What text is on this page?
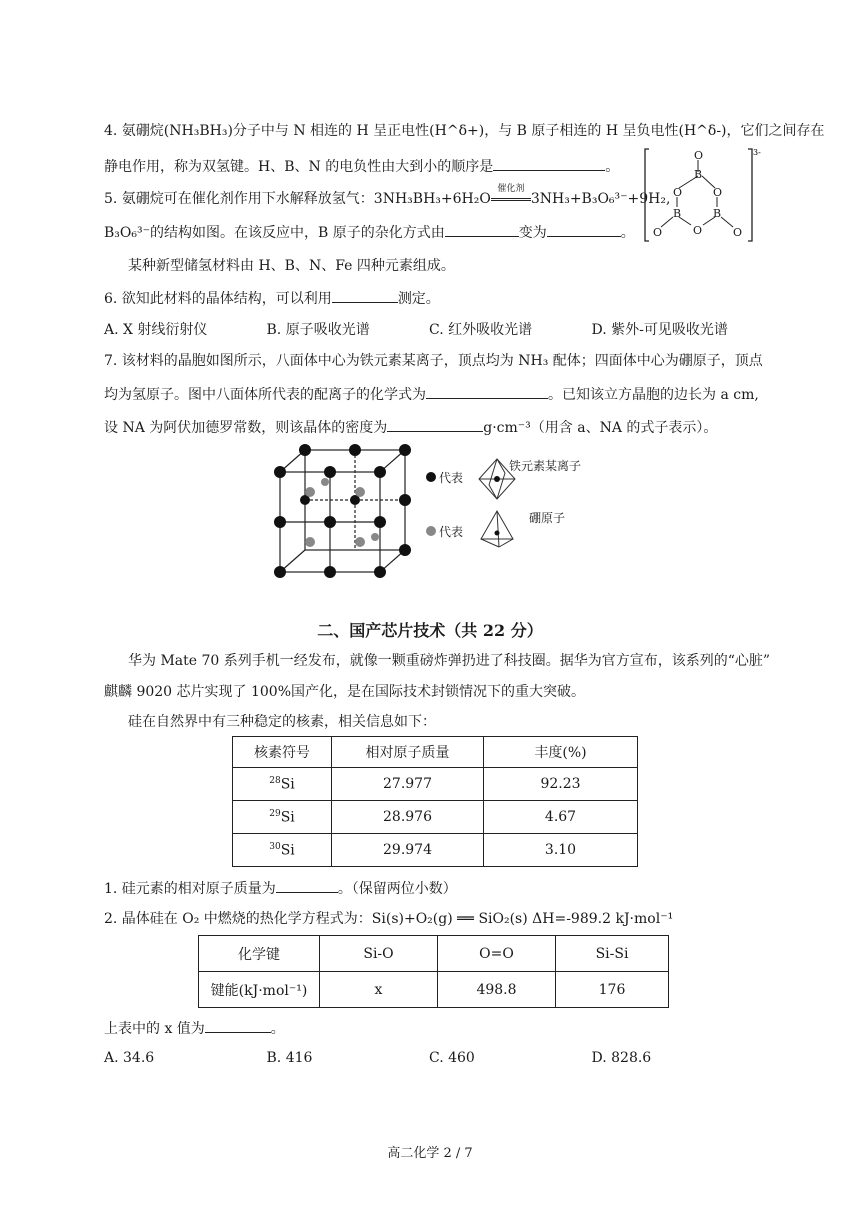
4. 氨硼烷(NH₃BH₃)分子中与 N 相连的 H 呈正电性(H^δ+)，与 B 原子相连的 H 呈负电性(H^δ-)，它们之间存在
静电作用，称为双氢键。H、B、N 的电负性由大到小的顺序是	。
5. 氨硼烷可在催化剂作用下水解释放氢气：3NH₃BH₃+6H₂O
催化剂
3NH₃+B₃O₆³⁻+9H₂,
B₃O₆³⁻的结构如图。在该反应中，B 原子的杂化方式由	变为	。
3-
O
B
O	O
B	B
O
O	O
某种新型储氢材料由 H、B、N、Fe 四种元素组成。
6. 欲知此材料的晶体结构，可以利用	测定。
A. X 射线衍射仪	B. 原子吸收光谱	C. 红外吸收光谱	D. 紫外-可见吸收光谱
7. 该材料的晶胞如图所示，八面体中心为铁元素某离子，顶点均为 NH₃ 配体；四面体中心为硼原子，顶点
均为氢原子。图中八面体所代表的配离子的化学式为	。已知该立方晶胞的边长为 a cm,
设 NA 为阿伏加德罗常数，则该晶体的密度为	g·cm⁻³（用含 a、NA 的式子表示）。
代表
铁元素某离子
代表
硼原子
二、国产芯片技术（共 22 分）
华为 Mate 70 系列手机一经发布，就像一颗重磅炸弹扔进了科技圈。据华为官方宣布，该系列的“心脏”
麒麟 9020 芯片实现了 100%国产化，是在国际技术封锁情况下的重大突破。
硅在自然界中有三种稳定的核素，相关信息如下：
核素符号	相对原子质量	丰度(%)
$^{28}$Si	27.977	92.23
$^{29}$Si	28.976	4.67
$^{30}$Si	29.974	3.10
1. 硅元素的相对原子质量为	。（保留两位小数）
2. 晶体硅在 O₂ 中燃烧的热化学方程式为：Si(s)+O₂(g) ══ SiO₂(s) ΔH=-989.2 kJ·mol⁻¹
化学键	Si-O	O=O	Si-Si
键能(kJ·mol⁻¹)	x	498.8	176
上表中的 x 值为	。
A. 34.6	B. 416	C. 460	D. 828.6
高二化学 2 / 7
